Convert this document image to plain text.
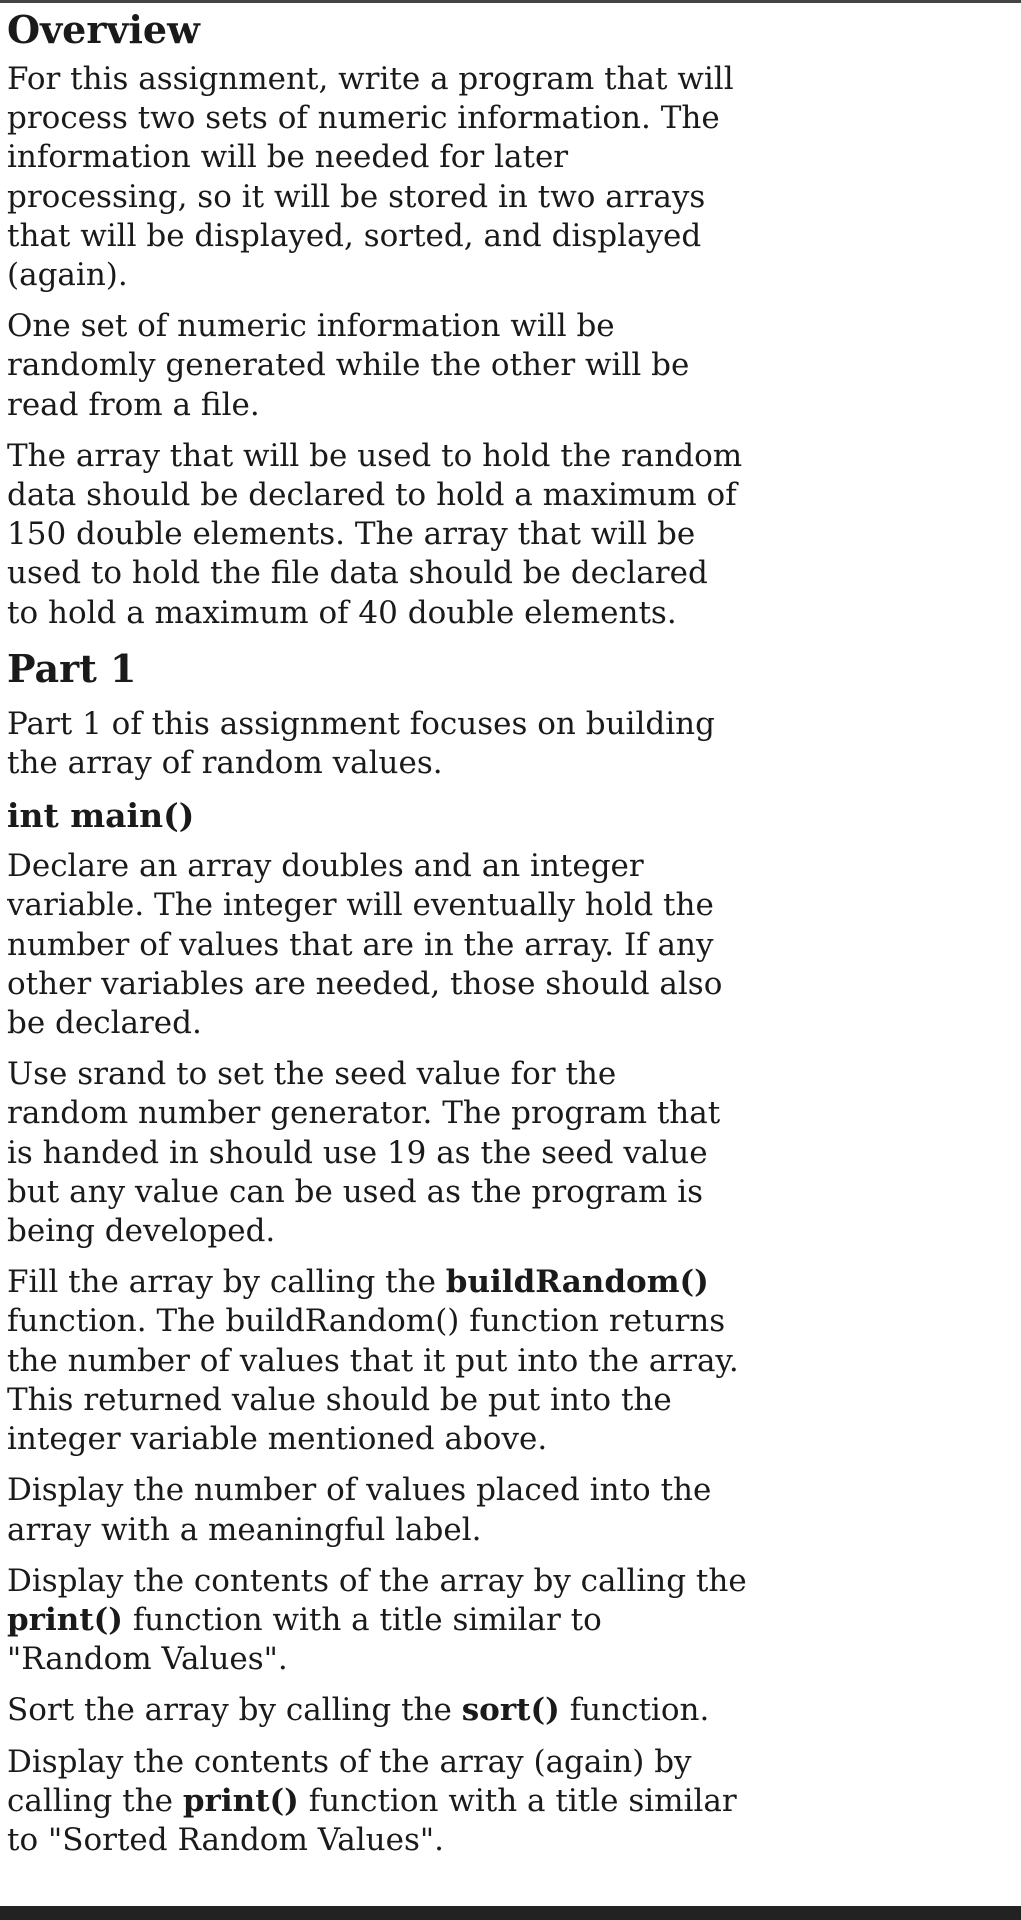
Overview

For this assignment, write a program that will process two sets of numeric information. The information will be needed for later processing, so it will be stored in two arrays that will be displayed, sorted, and displayed (again).

One set of numeric information will be randomly generated while the other will be read from a file.

The array that will be used to hold the random data should be declared to hold a maximum of 150 double elements. The array that will be used to hold the file data should be declared to hold a maximum of 40 double elements.

Part 1

Part 1 of this assignment focuses on building the array of random values.

int main()

Declare an array doubles and an integer variable. The integer will eventually hold the number of values that are in the array. If any other variables are needed, those should also be declared.

Use srand to set the seed value for the random number generator. The program that is handed in should use 19 as the seed value but any value can be used as the program is being developed.

Fill the array by calling the buildRandom() function. The buildRandom() function returns the number of values that it put into the array. This returned value should be put into the integer variable mentioned above.

Display the number of values placed into the array with a meaningful label.

Display the contents of the array by calling the print() function with a title similar to "Random Values".

Sort the array by calling the sort() function.

Display the contents of the array (again) by calling the print() function with a title similar to "Sorted Random Values".
